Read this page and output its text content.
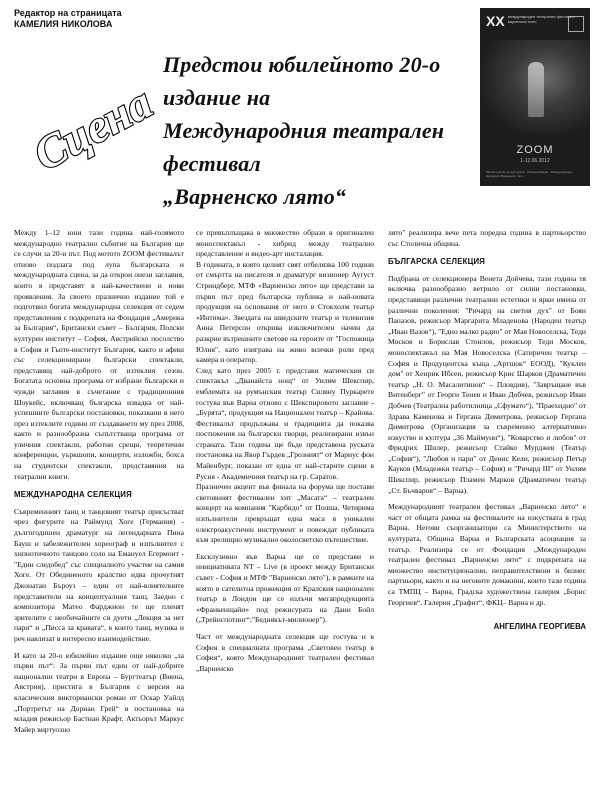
Редактор на страницата
КАМЕЛИЯ НИКОЛОВА
Сцена
Предстои юбилейното 20-о издание на
Международния театрален фестивал
„Варненско лято“
XX международен театрален фестивал варненско лято
ZOOM
1-12.06.2012
Министерство на културата · Община Варна · Международна фондация Варненско лято

Между 1–12 юни тази година най-голямото международно театрално събитие на България ще се случи за 20-и път. Под мотото ZOOM фестивалът отново подлага под лупа българската и международната сцена, за да открои онези заглавия, които я представят в най-качествени и нови проявления. За своето празнично издание той е подготвил богата международна селекция от седем представления с подкрепата на Фондация „Америка за България“, Британски съвет – България, Полски културен институт – София, Австрийско посолство в София и Гьоте-институт България, както и афиш със селекционирани български спектакли, представящ най-доброто от изтеклия сезон. Богатата основна програма от избрани български и чужди заглавия в съчетание с традиционния Шоукейс, включващ българска извадка от най-успешните български постановки, показвани в него през изтеклите години от създаването му през 2008, както и разнообразна съпътстваща програма от уличния спектакли, работни срещи, теоретични конференции, уъркшопи, концерти, изложби, бохса на студентски спектакли, представяния на театрални книги.

МЕЖДУНАРОДНА СЕЛЕКЦИЯ

Съвременният танц и танцовият театър присъстват чрез фигурите на Раймунд Хоге (Германия) - дългогодишен драматург на легендарната Пина Бауш и забележителен хореограф и изпълнител с хипнотичното танцово соло на Емануел Егермонт - "Един следобед" със специалното участие на самия Хоге. От Обединеното кралство идва прочутият Джонатан Бъроуз – един от най-влиятелните представители на концептуалния танц. Заедно с композитора Матео Фарджион те ще пленят зрителите с необичайните си дуети „Лекция за нет пари“ и „Писса за кравата“, в които танц, музика и реч навлизат в интересно взаимодействие.

И като за 20-о юбилейно издание още няколко „за първи път“: За първи път един от най-добрите национални театри в Европа – Бургтеатър (Виена, Австрия), пристига в България с версия на класическия викториански роман от Оскар Уайлд „Портретът на Дориан Грей“ в постановка на младия режисьор Бастиан Крафт. Актьорът Маркус Майер виртуозно

се превъплъщава в множество образи в оригинален моноспектакъл - хибрид между театрално представление и видео-арт инсталация.

В годината, в която целият свят отбелязва 100 години от смъртта на писателя и драматург визионер Аугуст Стриндберг, МТФ «Варненско лято» ще представи за първи път пред българска публика и най-новата продукция на основания от него в Стокхолм театър «Интима». Звездата на шведските театър и телевизия Анна Петерсон открива изключителен начин да разкрие вътрешните светове на героите от "Госпожица Юлия", като изиграва на живо всички роли пред камера и оператор.

След като през 2005 г. представи магическия си спектакъл „Дванайста нощ“ от Уилям Шекспир, емблемата на румънския театър Силвиу Пуркарете гостува във Варна отново с Шекспировото заглавие - „Бурята“, продукция на Национален театър – Крайова. Фестивалът продължава и традицията да показва постижения на български творци, реализирани извън страната. Тази година ще бъде представена руската постановка на Явор Гърдев „Грозният“ от Мариус фон Майенбург, показан от една от най-старите сцени в Русия - Академичния театър на гр. Саратов.

Празничен акцент във финала на форума ще постави световният фестивален хит „Масата“ – театрален концерт на компания "Карбидо" от Полша. Четирима изпълнители превръщат една маса в уникален електроакустичен инструмент и повеждат публиката към зрелищно музикално околосветско пътешествие.

Ексклузивно във Варна ще се представи и инициативата NT – Live (в проект между Британски съвет - София и МТФ "Варненско лято"), в рамките на която в сателитна прожекция от Кралския национален театър в Лондон ще се излъчи мегапродукцията «Франкенщайн» под режисурата на Дани Бойл („Трейнспотинг“;"Беднякът-милионер").

Част от международната селекция ще гостува и в София в специалната програма „Световен театър в София“, която Международният театрален фестивал „Варненско

лято" реализира вече пета поредна година в партньорство със Столична община.

БЪЛГАРСКА СЕЛЕКЦИЯ

Подбрана от селекционера Венета Дойчева, тази година тя включва разнообразно ветрило от силни постановки, представящи различни театрални естетики и ярки имена от различни поколения: "Ричард на светия дух" от Боян Папазов, режисьор Маргарита Младенова (Народен театър „Иван Вазов“), "Едно малко радио" от Мая Новоселска, Теди Москов и Борислав Стоилов, режисьор Теди Москов, моноспектакъл на Мая Новоселска (Сатиричен театър – София и Продуцентска къща „Артшок“ ЕООД), "Куклен дом" от Хенрик Ибсен, режисьор Крис Шарков (Драматичен театър „Н. О. Масалитинов“ – Пловдив), "Завръщане във Витенберг" от Георги Тенев и Иван Добчев, режисьор Иван Добчев (Театрална работилница „Сфумато“), "Праехидно" от Здрава Каменова и Гергана Димитрова, режисьор Гергана Димитрова (Организация за съвременно алтернативно изкуство и култура „36 Маймуни“), "Коварство и любов" от Фридрих Шилер, режисьор Стайко Мурджев (Театър „София“), "Любов и пари" от Денис Кели, режисьор Петър Кауков (Младежки театър – София) и "Ричард III" от Уилям Шекспир, режисьор Пламен Марков (Драматичен театър „Ст. Бъчваров“ – Варна).

Международният театрален фестивал „Варненско лято“ е част от общата рамка на фестивалите на изкуствата в град Варна. Негови съорганизатори са Министерството на културата, Община Варна и Българската асоциация за театър. Реализира се от Фондация „Международен театрален фестивал „Варненско лято“ с подкрепата на множество институционални, неправителствени и бизнес партньори, както и на неговите домакини, които тази година са ТМПЦ – Варна, Градска художествена галерия „Борис Георгиев“, Галерия „Графит“, ФКЦ– Варна и др.

АНГЕЛИНА ГЕОРГИЕВА
